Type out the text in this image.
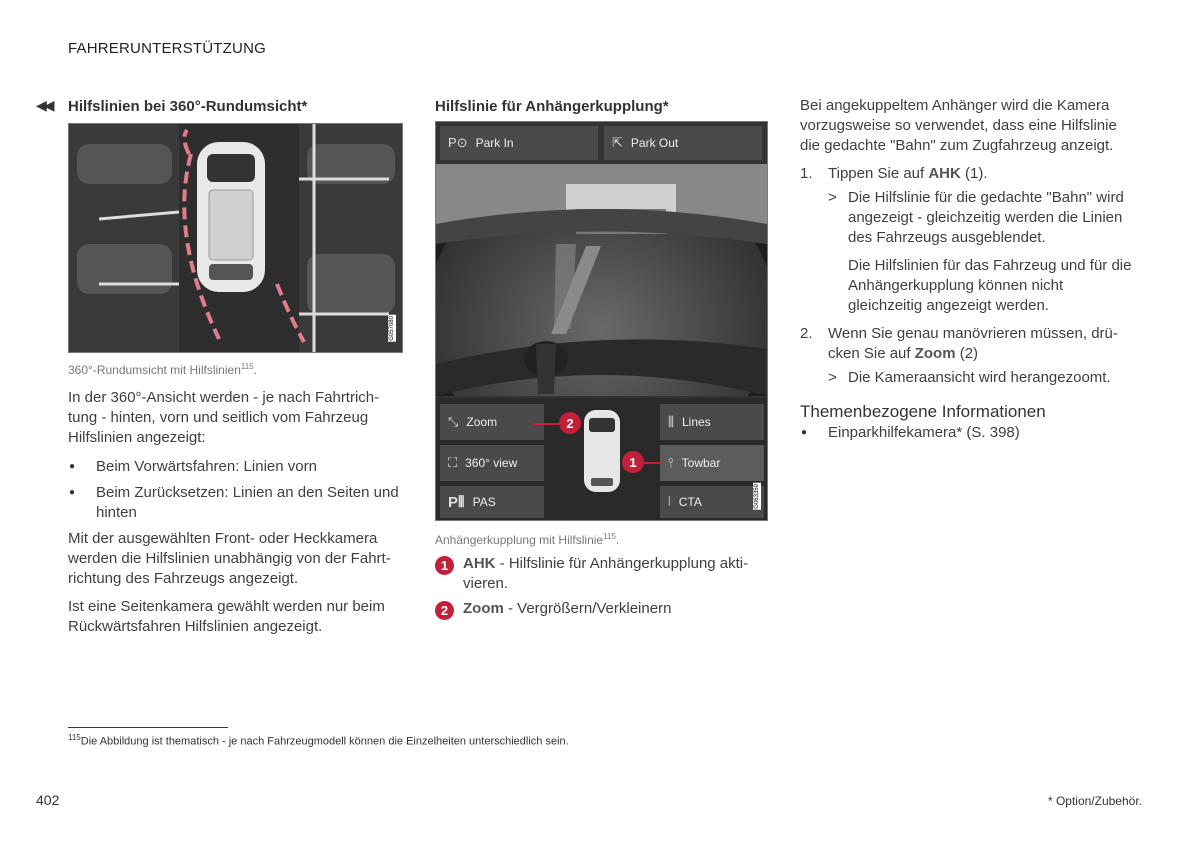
FAHRERUNTERSTÜTZUNG
◀◀ Hilfslinien bei 360°-Rundumsicht*
G057080
360°-Rundumsicht mit Hilfslinien$^{115}$.

In der 360°-Ansicht werden - je nach Fahrtrichtung - hinten, vorn und seitlich vom Fahrzeug Hilfslinien angezeigt:

● Beim Vorwärtsfahren: Linien vorn
● Beim Zurücksetzen: Linien an den Seiten und hinten

Mit der ausgewählten Front- oder Heckkamera werden die Hilfslinien unabhängig von der Fahrtrichtung des Fahrzeugs angezeigt.

Ist eine Seitenkamera gewählt werden nur beim Rückwärtsfahren Hilfslinien angezeigt.

Hilfslinie für Anhängerkupplung*
P⊙ Park In	⇱ Park Out
⤡ Zoom
⛶ 360° view
P⦀ PAS
⫼ Lines
⫯ Towbar
⦚ CTA
2
1
G063350
Anhängerkupplung mit Hilfslinie$^{115}$.
1 AHK - Hilfslinie für Anhängerkupplung aktivieren.
2 Zoom - Vergrößern/Verkleinern

Bei angekuppeltem Anhänger wird die Kamera vorzugsweise so verwendet, dass eine Hilfslinie die gedachte "Bahn" zum Zugfahrzeug anzeigt.

1.	Tippen Sie auf AHK (1).
> Die Hilfslinie für die gedachte "Bahn" wird angezeigt - gleichzeitig werden die Linien des Fahrzeugs ausgeblendet.

Die Hilfslinien für das Fahrzeug und für die Anhängerkupplung können nicht gleichzeitig angezeigt werden.

2.	Wenn Sie genau manövrieren müssen, drücken Sie auf Zoom (2)
> Die Kameraansicht wird herangezoomt.
Themenbezogene Informationen
● Einparkhilfekamera* (S. 398)
$^{115}$Die Abbildung ist thematisch - je nach Fahrzeugmodell können die Einzelheiten unterschiedlich sein.
402	* Option/Zubehör.
